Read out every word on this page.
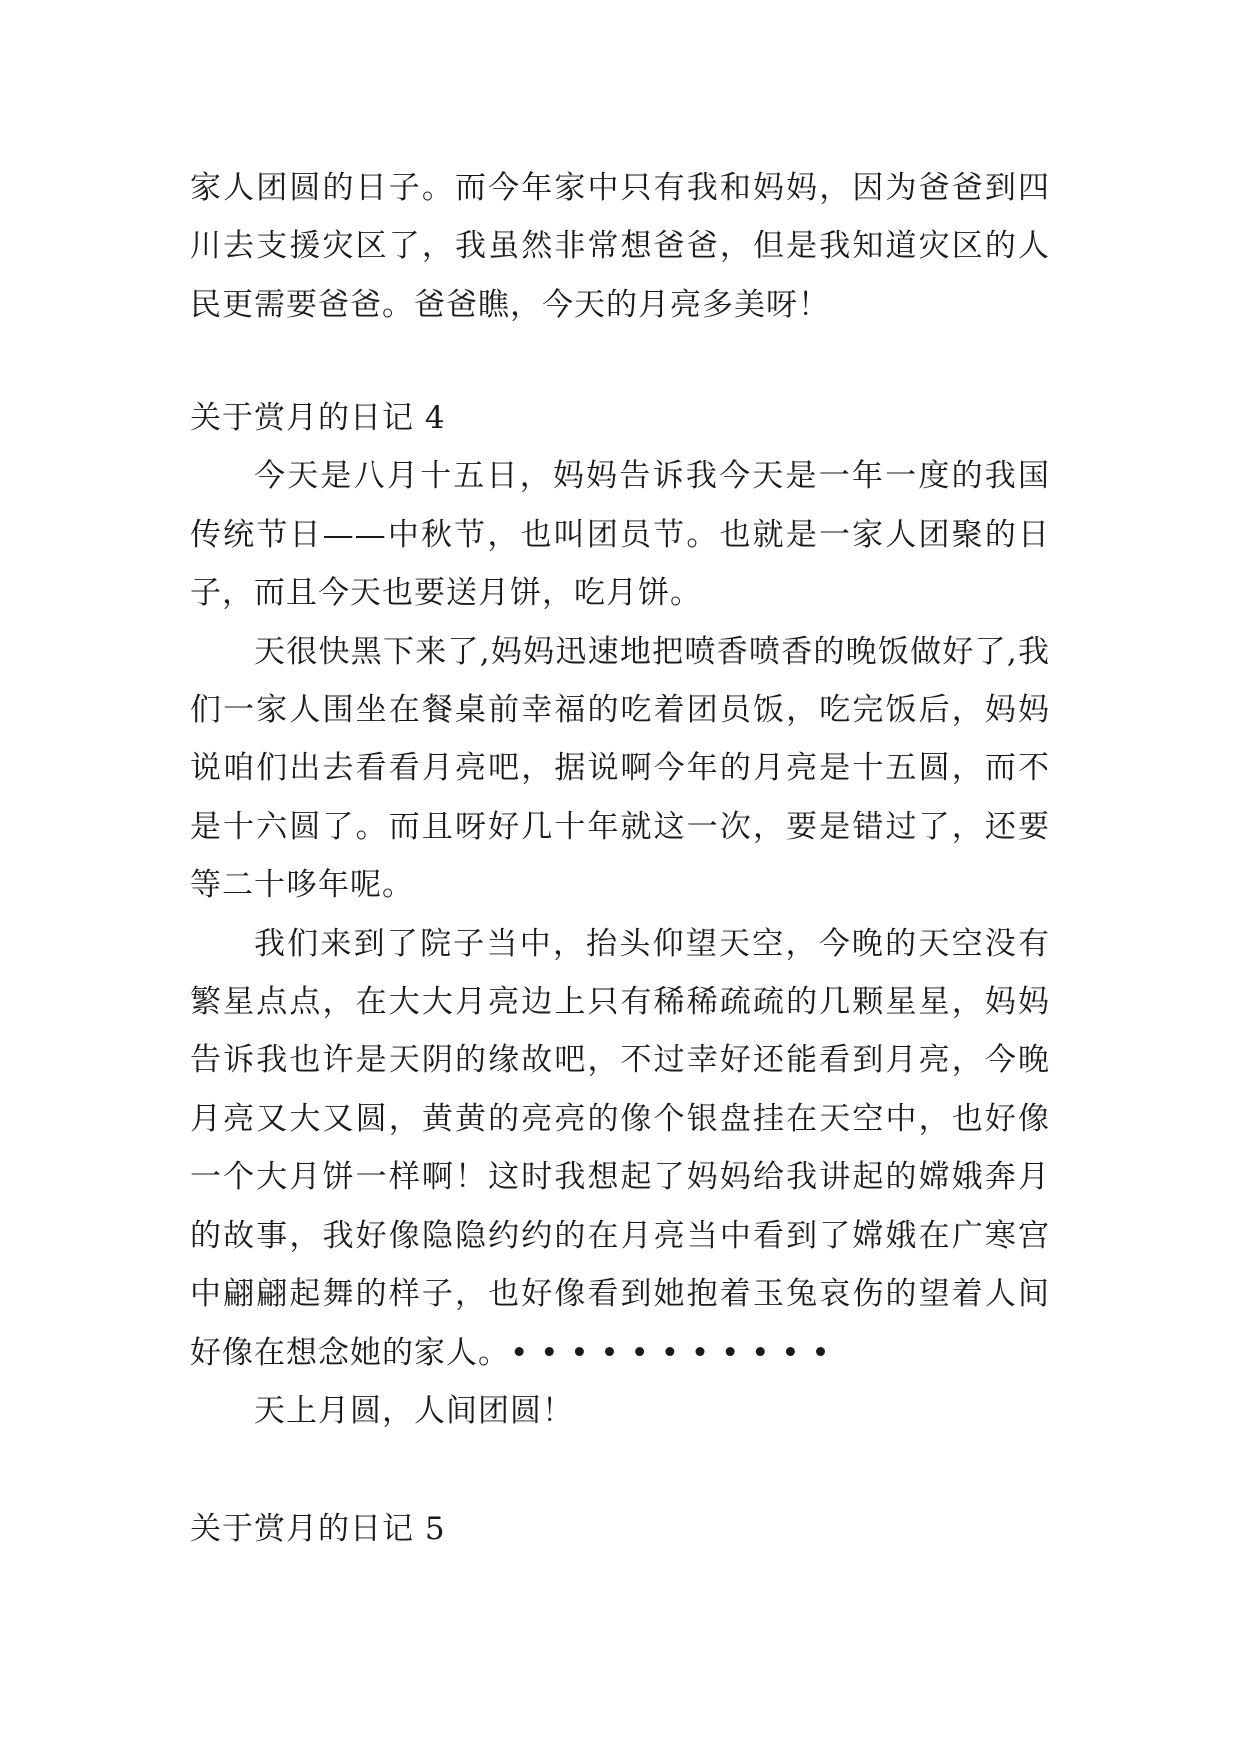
家人团圆的日子。而今年家中只有我和妈妈，因为爸爸到四川去支援灾区了，我虽然非常想爸爸，但是我知道灾区的人民更需要爸爸。爸爸瞧，今天的月亮多美呀！

关于赏月的日记 4

今天是八月十五日，妈妈告诉我今天是一年一度的我国传统节日——中秋节，也叫团员节。也就是一家人团聚的日子，而且今天也要送月饼，吃月饼。

天很快黑下来了,妈妈迅速地把喷香喷香的晚饭做好了,我们一家人围坐在餐桌前幸福的吃着团员饭，吃完饭后，妈妈说咱们出去看看月亮吧，据说啊今年的月亮是十五圆，而不是十六圆了。而且呀好几十年就这一次，要是错过了，还要等二十哆年呢。

我们来到了院子当中，抬头仰望天空，今晚的天空没有繁星点点，在大大月亮边上只有稀稀疏疏的几颗星星，妈妈告诉我也许是天阴的缘故吧，不过幸好还能看到月亮，今晚月亮又大又圆，黄黄的亮亮的像个银盘挂在天空中，也好像一个大月饼一样啊！这时我想起了妈妈给我讲起的嫦娥奔月的故事，我好像隐隐约约的在月亮当中看到了嫦娥在广寒宫中翩翩起舞的样子，也好像看到她抱着玉兔哀伤的望着人间好像在想念她的家人。• • • • • • • • • • •

天上月圆，人间团圆！

关于赏月的日记 5
